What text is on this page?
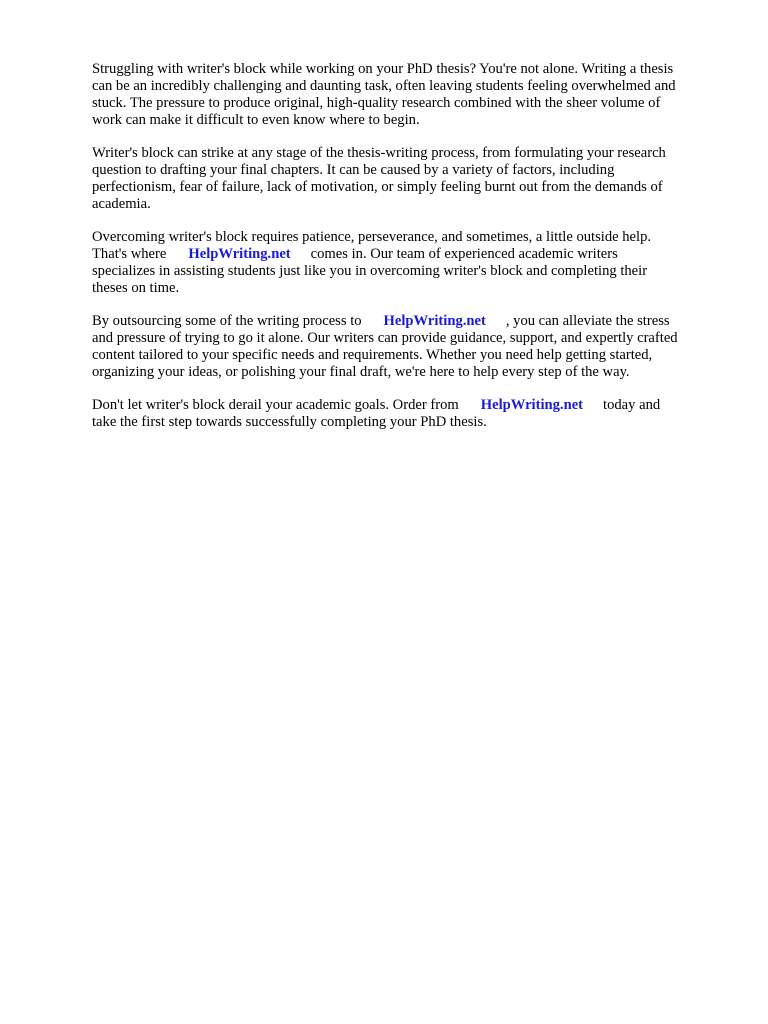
Struggling with writer's block while working on your PhD thesis? You're not alone. Writing a thesis
can be an incredibly challenging and daunting task, often leaving students feeling overwhelmed and
stuck. The pressure to produce original, high-quality research combined with the sheer volume of
work can make it difficult to even know where to begin.

Writer's block can strike at any stage of the thesis-writing process, from formulating your research
question to drafting your final chapters. It can be caused by a variety of factors, including
perfectionism, fear of failure, lack of motivation, or simply feeling burnt out from the demands of
academia.

Overcoming writer's block requires patience, perseverance, and sometimes, a little outside help.
That's where HelpWriting.net comes in. Our team of experienced academic writers
specializes in assisting students just like you in overcoming writer's block and completing their
theses on time.

By outsourcing some of the writing process to HelpWriting.net , you can alleviate the stress
and pressure of trying to go it alone. Our writers can provide guidance, support, and expertly crafted
content tailored to your specific needs and requirements. Whether you need help getting started,
organizing your ideas, or polishing your final draft, we're here to help every step of the way.

Don't let writer's block derail your academic goals. Order from HelpWriting.net today and
take the first step towards successfully completing your PhD thesis.
